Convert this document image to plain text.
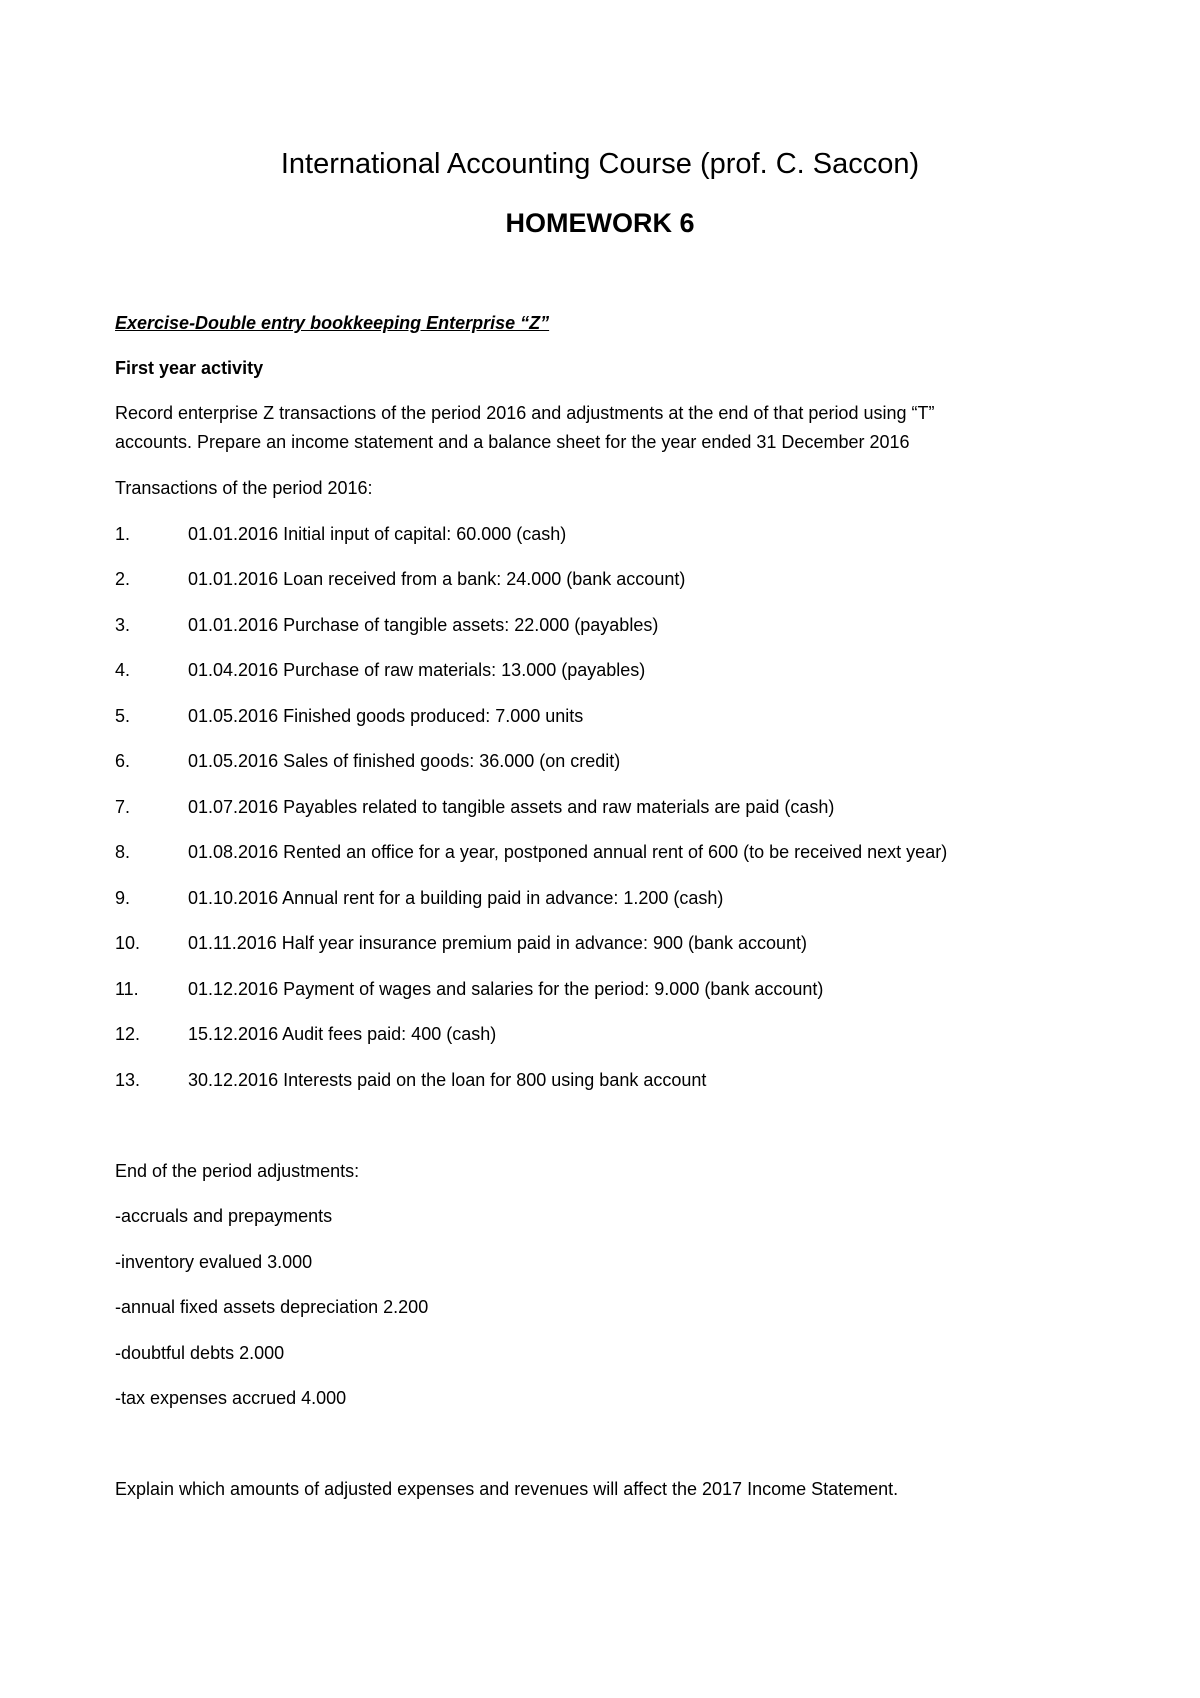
International Accounting Course (prof. C. Saccon)
HOMEWORK 6
Exercise-Double entry bookkeeping Enterprise “Z”
First year activity
Record enterprise Z transactions of the period 2016 and adjustments at the end of that period using “T”
accounts. Prepare an income statement and a balance sheet for the year ended 31 December 2016
Transactions of the period 2016:
1.	01.01.2016 Initial input of capital: 60.000 (cash)
2.	01.01.2016 Loan received from a bank: 24.000 (bank account)
3.	01.01.2016 Purchase of tangible assets: 22.000 (payables)
4.	01.04.2016 Purchase of raw materials: 13.000 (payables)
5.	01.05.2016 Finished goods produced: 7.000 units
6.	01.05.2016 Sales of finished goods: 36.000 (on credit)
7.	01.07.2016 Payables related to tangible assets and raw materials are paid (cash)
8.	01.08.2016 Rented an office for a year, postponed annual rent of 600 (to be received next year)
9.	01.10.2016 Annual rent for a building paid in advance: 1.200 (cash)
10.	01.11.2016 Half year insurance premium paid in advance: 900 (bank account)
11.	01.12.2016 Payment of wages and salaries for the period: 9.000 (bank account)
12.	15.12.2016 Audit fees paid: 400 (cash)
13.	30.12.2016 Interests paid on the loan for 800 using bank account
End of the period adjustments:
-accruals and prepayments
-inventory evalued 3.000
-annual fixed assets depreciation 2.200
-doubtful debts 2.000
-tax expenses accrued 4.000
Explain which amounts of adjusted expenses and revenues will affect the 2017 Income Statement.
